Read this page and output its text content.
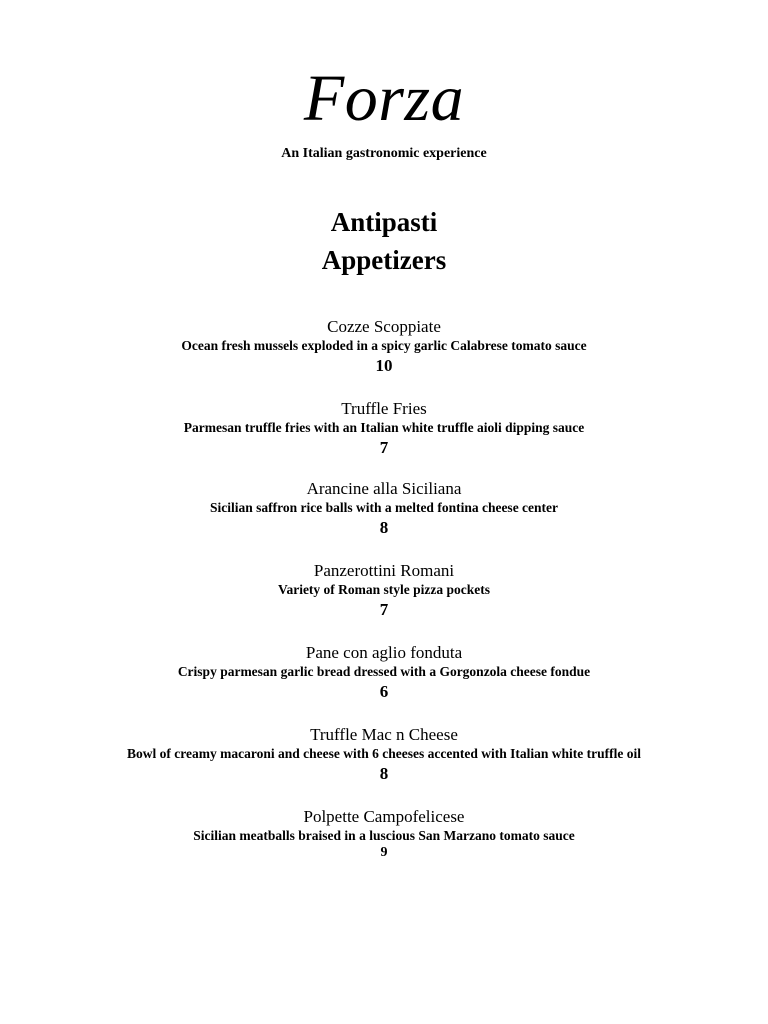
Forza
An Italian gastronomic experience
Antipasti
Appetizers
Cozze Scoppiate
Ocean fresh mussels exploded in a spicy garlic Calabrese tomato sauce
10
Truffle Fries
Parmesan truffle fries with an Italian white truffle aioli dipping sauce
7
Arancine alla Siciliana
Sicilian saffron rice balls with a melted fontina cheese center
8
Panzerottini Romani
Variety of Roman style pizza pockets
7
Pane con aglio fonduta
Crispy parmesan garlic bread dressed with a Gorgonzola cheese fondue
6
Truffle Mac n Cheese
Bowl of creamy macaroni and cheese with 6 cheeses accented with Italian white truffle oil
8
Polpette Campofelicese
Sicilian meatballs braised in a luscious San Marzano tomato sauce
9
